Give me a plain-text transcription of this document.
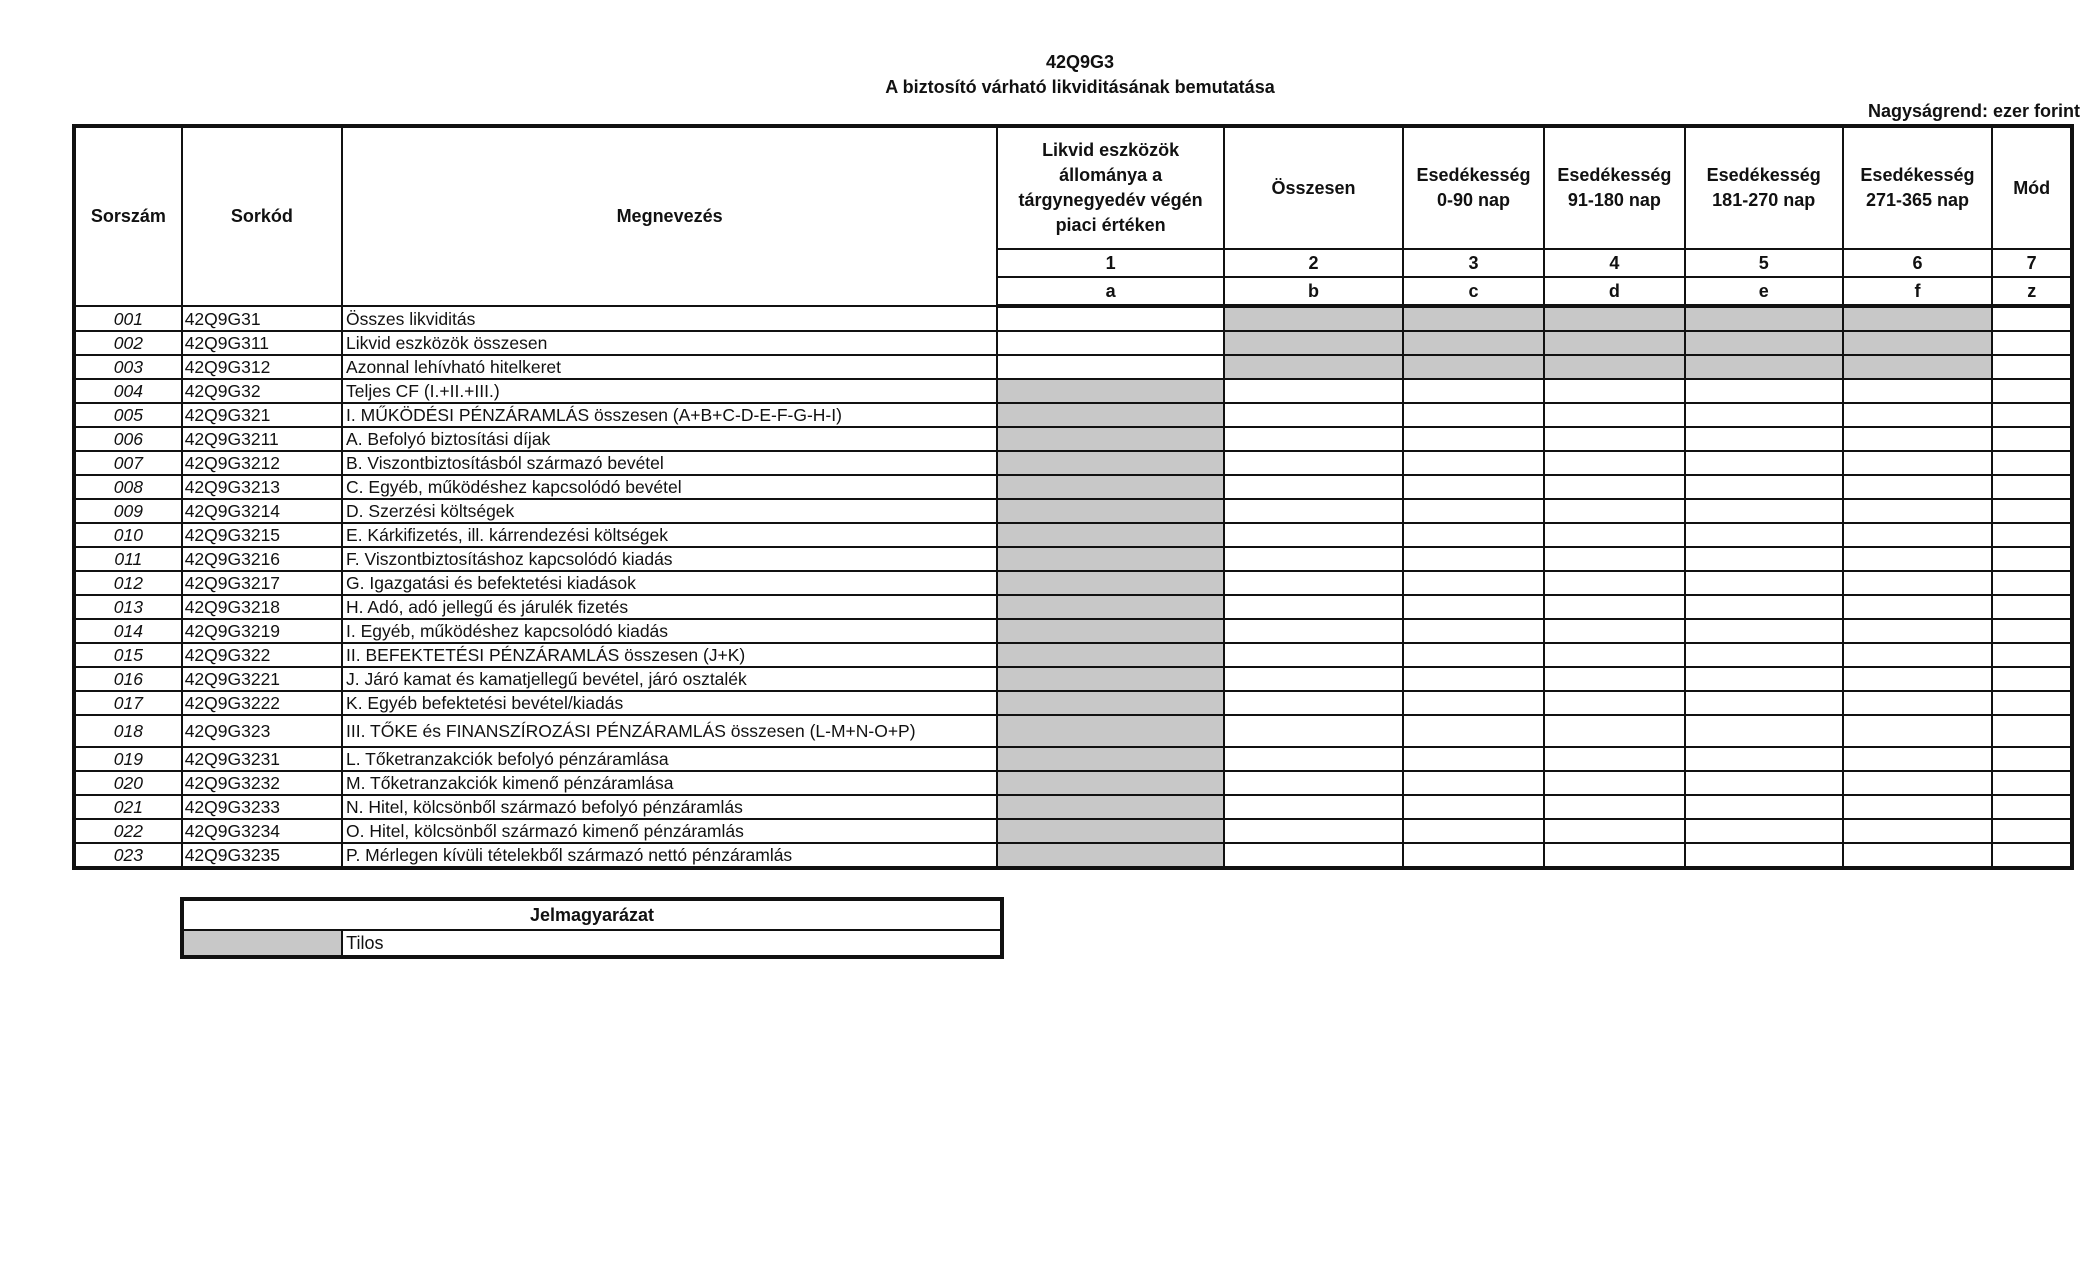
42Q9G3
A biztosító várható likviditásának bemutatása
Nagyságrend: ezer forint
Sorszám	Sorkód	Megnevezés	Likvid eszközök állománya a tárgynegyedév végén piaci értéken	Összesen	Esedékesség 0-90 nap	Esedékesség 91-180 nap	Esedékesség 181-270 nap	Esedékesség 271-365 nap	Mód
			1	2	3	4	5	6	7
			a	b	c	d	e	f	z
001	42Q9G31	Összes likviditás							
002	42Q9G311	Likvid eszközök összesen							
003	42Q9G312	Azonnal lehívható hitelkeret							
004	42Q9G32	Teljes CF (I.+II.+III.)							
005	42Q9G321	I. MŰKÖDÉSI PÉNZÁRAMLÁS összesen (A+B+C-D-E-F-G-H-I)							
006	42Q9G3211	A. Befolyó biztosítási díjak							
007	42Q9G3212	B. Viszontbiztosításból származó bevétel							
008	42Q9G3213	C. Egyéb, működéshez kapcsolódó bevétel							
009	42Q9G3214	D. Szerzési költségek							
010	42Q9G3215	E. Kárkifizetés, ill. kárrendezési költségek							
011	42Q9G3216	F. Viszontbiztosításhoz kapcsolódó kiadás							
012	42Q9G3217	G. Igazgatási és befektetési kiadások							
013	42Q9G3218	H. Adó, adó jellegű és járulék fizetés							
014	42Q9G3219	I. Egyéb, működéshez kapcsolódó kiadás							
015	42Q9G322	II. BEFEKTETÉSI PÉNZÁRAMLÁS összesen (J+K)							
016	42Q9G3221	J. Járó kamat és kamatjellegű bevétel, járó osztalék							
017	42Q9G3222	K. Egyéb befektetési bevétel/kiadás							
018	42Q9G323	III. TŐKE és FINANSZÍROZÁSI PÉNZÁRAMLÁS összesen (L-M+N-O+P)							
019	42Q9G3231	L. Tőketranzakciók befolyó pénzáramlása							
020	42Q9G3232	M. Tőketranzakciók kimenő pénzáramlása							
021	42Q9G3233	N. Hitel, kölcsönből származó befolyó pénzáramlás							
022	42Q9G3234	O. Hitel, kölcsönből származó kimenő pénzáramlás							
023	42Q9G3235	P. Mérlegen kívüli tételekből származó nettó pénzáramlás							
Jelmagyarázat
	Tilos
